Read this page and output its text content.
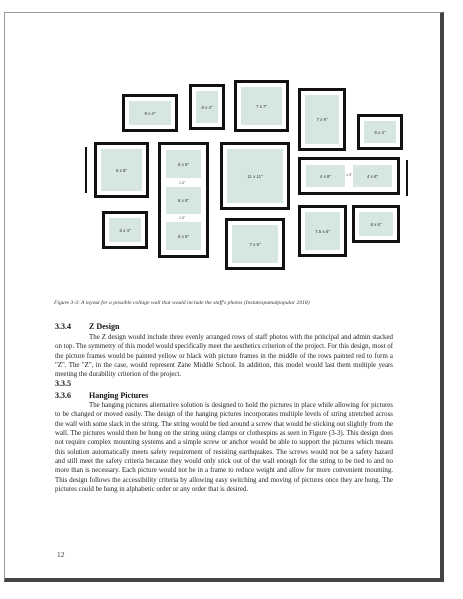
9 x 4"
6 x 4"	7 x 7"
7 x 9"
6 x 4"
5 x 8"
6 x 6"
1.5"
6 x 6"
1.5"
6 x 6"
11 x 11"	4 x 8"	1.5"	4 x 8"
6 x 4"
7 x 9"
7.5 x 6"
8 x 6"
Figure 3-3: A layout for a possible collage wall that would include the staff's photos (Instatexpamalpopular 2018)
3.3.4 Z Design

The Z design would include three evenly arranged rows of staff photos with the principal and admin stacked on top. The symmetry of this model would specifically meet the aesthetics criterion of the project. For this design, most of the picture frames would be painted yellow or black with picture frames in the middle of the rows painted red to form a "Z". The "Z", in the case, would represent Zane Middle School. In addition, this model would last them multiple years meeting the durability criterion of the project.

3.3.5
3.3.6 Hanging Pictures

The hanging pictures alternative solution is designed to hold the pictures in place while allowing for pictures to be changed or moved easily. The design of the hanging pictures incorporates multiple levels of string stretched across the wall with some slack in the string. The string would be tied around a screw that would be sticking out slightly from the wall. The pictures would then be hung on the string using clamps or clothespins as seen in Figure (3-3). This design does not require complex mounting systems and a simple screw or anchor would be able to support the pictures which means this solution automatically meets safety requirement of resisting earthquakes. The screws would not be a safety hazard and still meet the safety criteria because they would only stick out of the wall enough for the string to be tied to and no more than is necessary. Each picture would not be in a frame to reduce weight and allow for more convenient mounting. This design follows the accessibility criteria by allowing easy switching and moving of pictures once they are hung. The pictures could be hung in alphabetic order or any order that is desired.

12
